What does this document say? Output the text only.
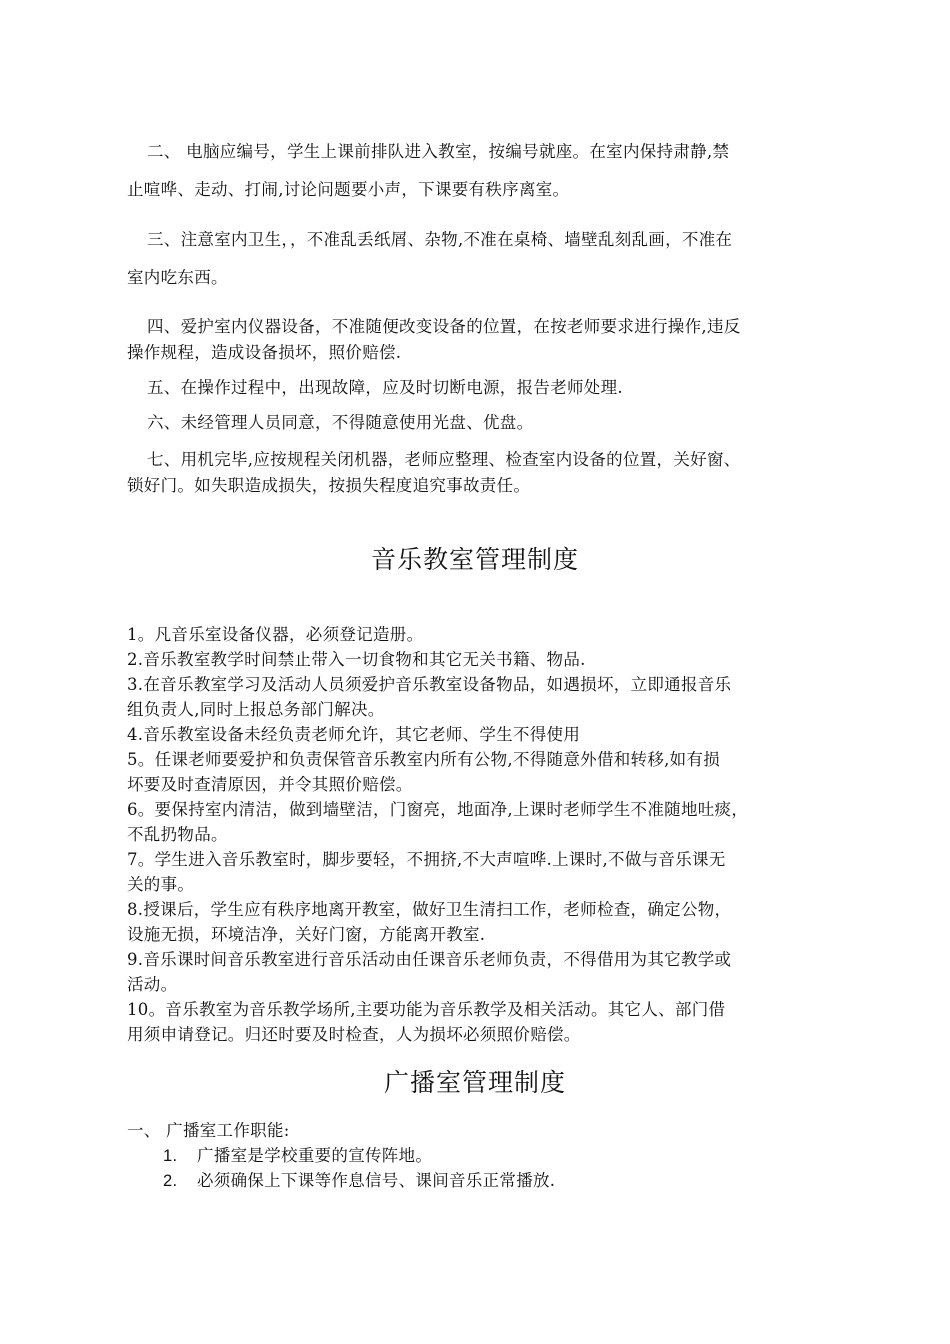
二、 电脑应编号，学生上课前排队进入教室，按编号就座。在室内保持肃静,禁
止喧哗、走动、打闹,讨论问题要小声，下课要有秩序离室。
三、注意室内卫生，，不准乱丢纸屑、杂物,不准在桌椅、墙壁乱刻乱画，不准在
室内吃东西。
四、爱护室内仪器设备，不准随便改变设备的位置，在按老师要求进行操作,违反
操作规程，造成设备损坏，照价赔偿.
五、在操作过程中，出现故障，应及时切断电源，报告老师处理.
六、未经管理人员同意，不得随意使用光盘、优盘。
七、用机完毕,应按规程关闭机器，老师应整理、检查室内设备的位置，关好窗、
锁好门。如失职造成损失，按损失程度追究事故责任。
音乐教室管理制度
1。凡音乐室设备仪器，必须登记造册。
2.音乐教室教学时间禁止带入一切食物和其它无关书籍、物品.
3.在音乐教室学习及活动人员须爱护音乐教室设备物品，如遇损坏，立即通报音乐
组负责人,同时上报总务部门解决。
4.音乐教室设备未经负责老师允许，其它老师、学生不得使用
5。任课老师要爱护和负责保管音乐教室内所有公物,不得随意外借和转移,如有损
坏要及时查清原因，并令其照价赔偿。
6。要保持室内清洁，做到墙壁洁，门窗亮，地面净,上课时老师学生不准随地吐痰，
不乱扔物品。
7。学生进入音乐教室时，脚步要轻，不拥挤,不大声喧哗.上课时,不做与音乐课无
关的事。
8.授课后，学生应有秩序地离开教室，做好卫生清扫工作，老师检查，确定公物，
设施无损，环境洁净，关好门窗，方能离开教室.
9.音乐课时间音乐教室进行音乐活动由任课音乐老师负责，不得借用为其它教学或
活动。
10。音乐教室为音乐教学场所,主要功能为音乐教学及相关活动。其它人、部门借
用须申请登记。归还时要及时检查，人为损坏必须照价赔偿。
广播室管理制度
一、 广播室工作职能:
1. 广播室是学校重要的宣传阵地。
2. 必须确保上下课等作息信号、课间音乐正常播放.
